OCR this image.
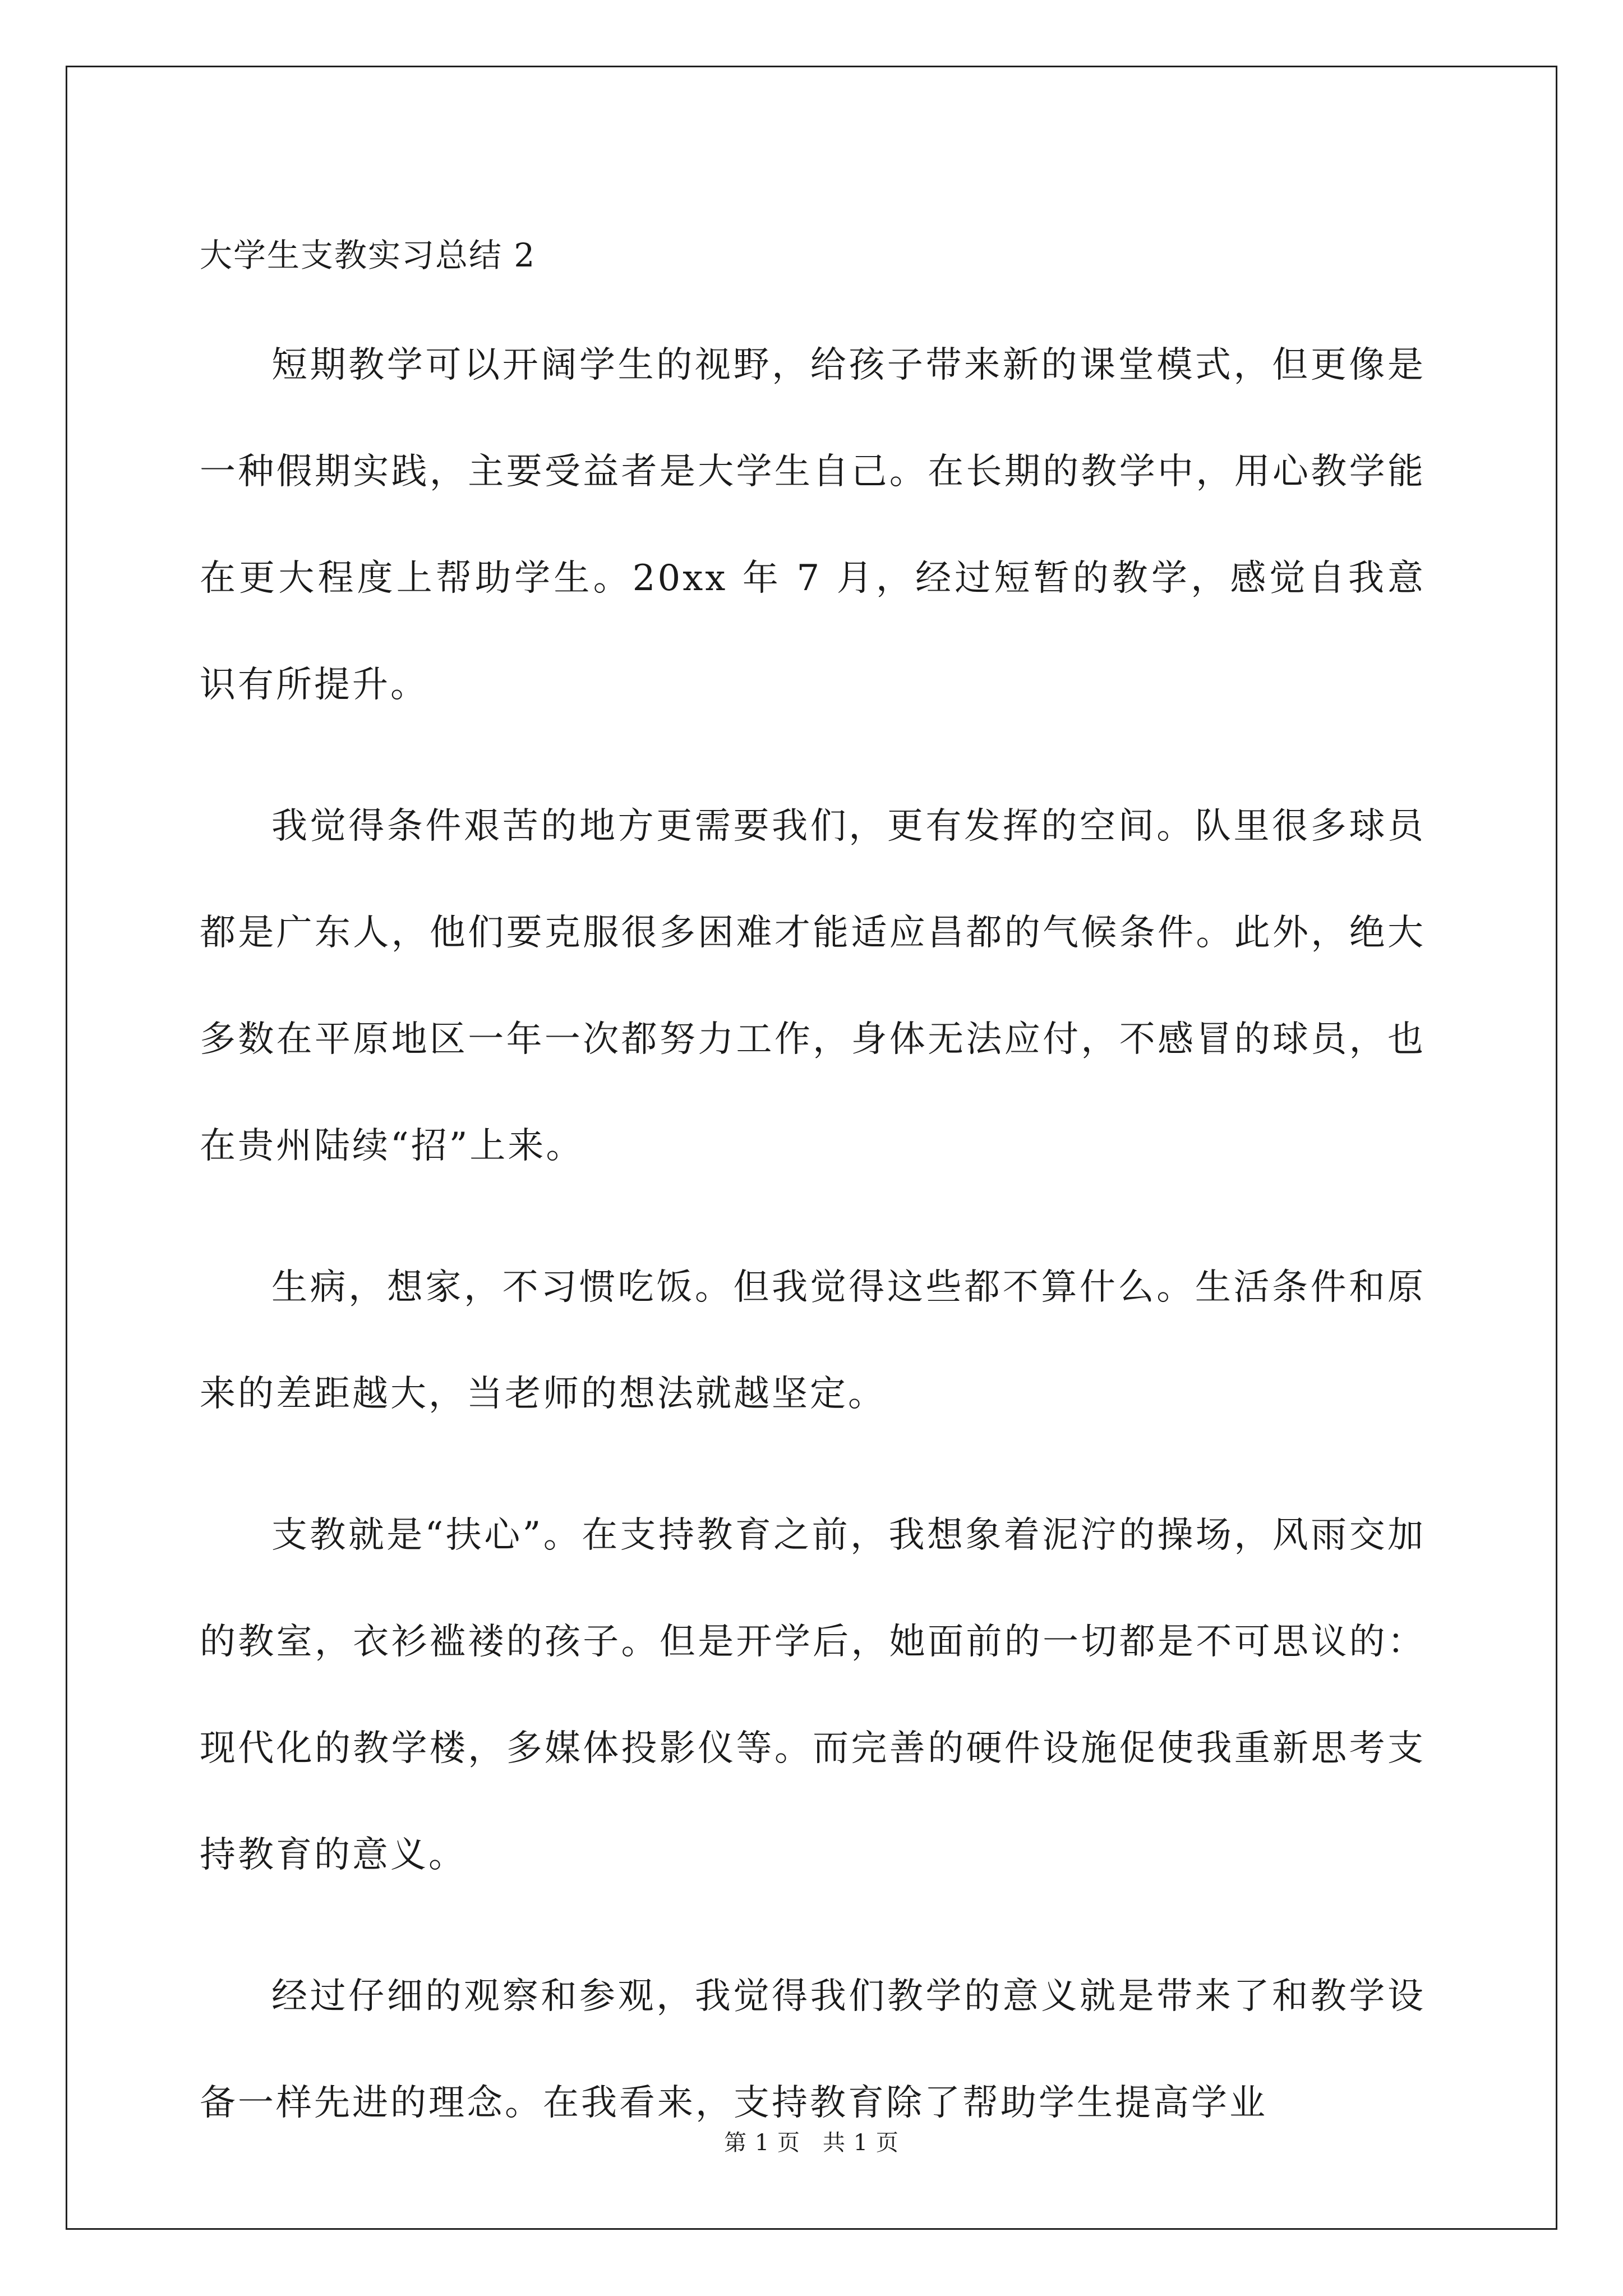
大学生支教实习总结 2

短期教学可以开阔学生的视野，给孩子带来新的课堂模式，但更像是一种假期实践，主要受益者是大学生自己。在长期的教学中，用心教学能在更大程度上帮助学生。20xx 年 7 月，经过短暂的教学，感觉自我意识有所提升。

我觉得条件艰苦的地方更需要我们，更有发挥的空间。队里很多球员都是广东人，他们要克服很多困难才能适应昌都的气候条件。此外，绝大多数在平原地区一年一次都努力工作，身体无法应付，不感冒的球员，也在贵州陆续“招”上来。

生病，想家，不习惯吃饭。但我觉得这些都不算什么。生活条件和原来的差距越大，当老师的想法就越坚定。

支教就是“扶心”。在支持教育之前，我想象着泥泞的操场，风雨交加的教室，衣衫褴褛的孩子。但是开学后，她面前的一切都是不可思议的：现代化的教学楼，多媒体投影仪等。而完善的硬件设施促使我重新思考支持教育的意义。

经过仔细的观察和参观，我觉得我们教学的意义就是带来了和教学设备一样先进的理念。在我看来，支持教育除了帮助学生提高学业

第 1 页 共 1 页
